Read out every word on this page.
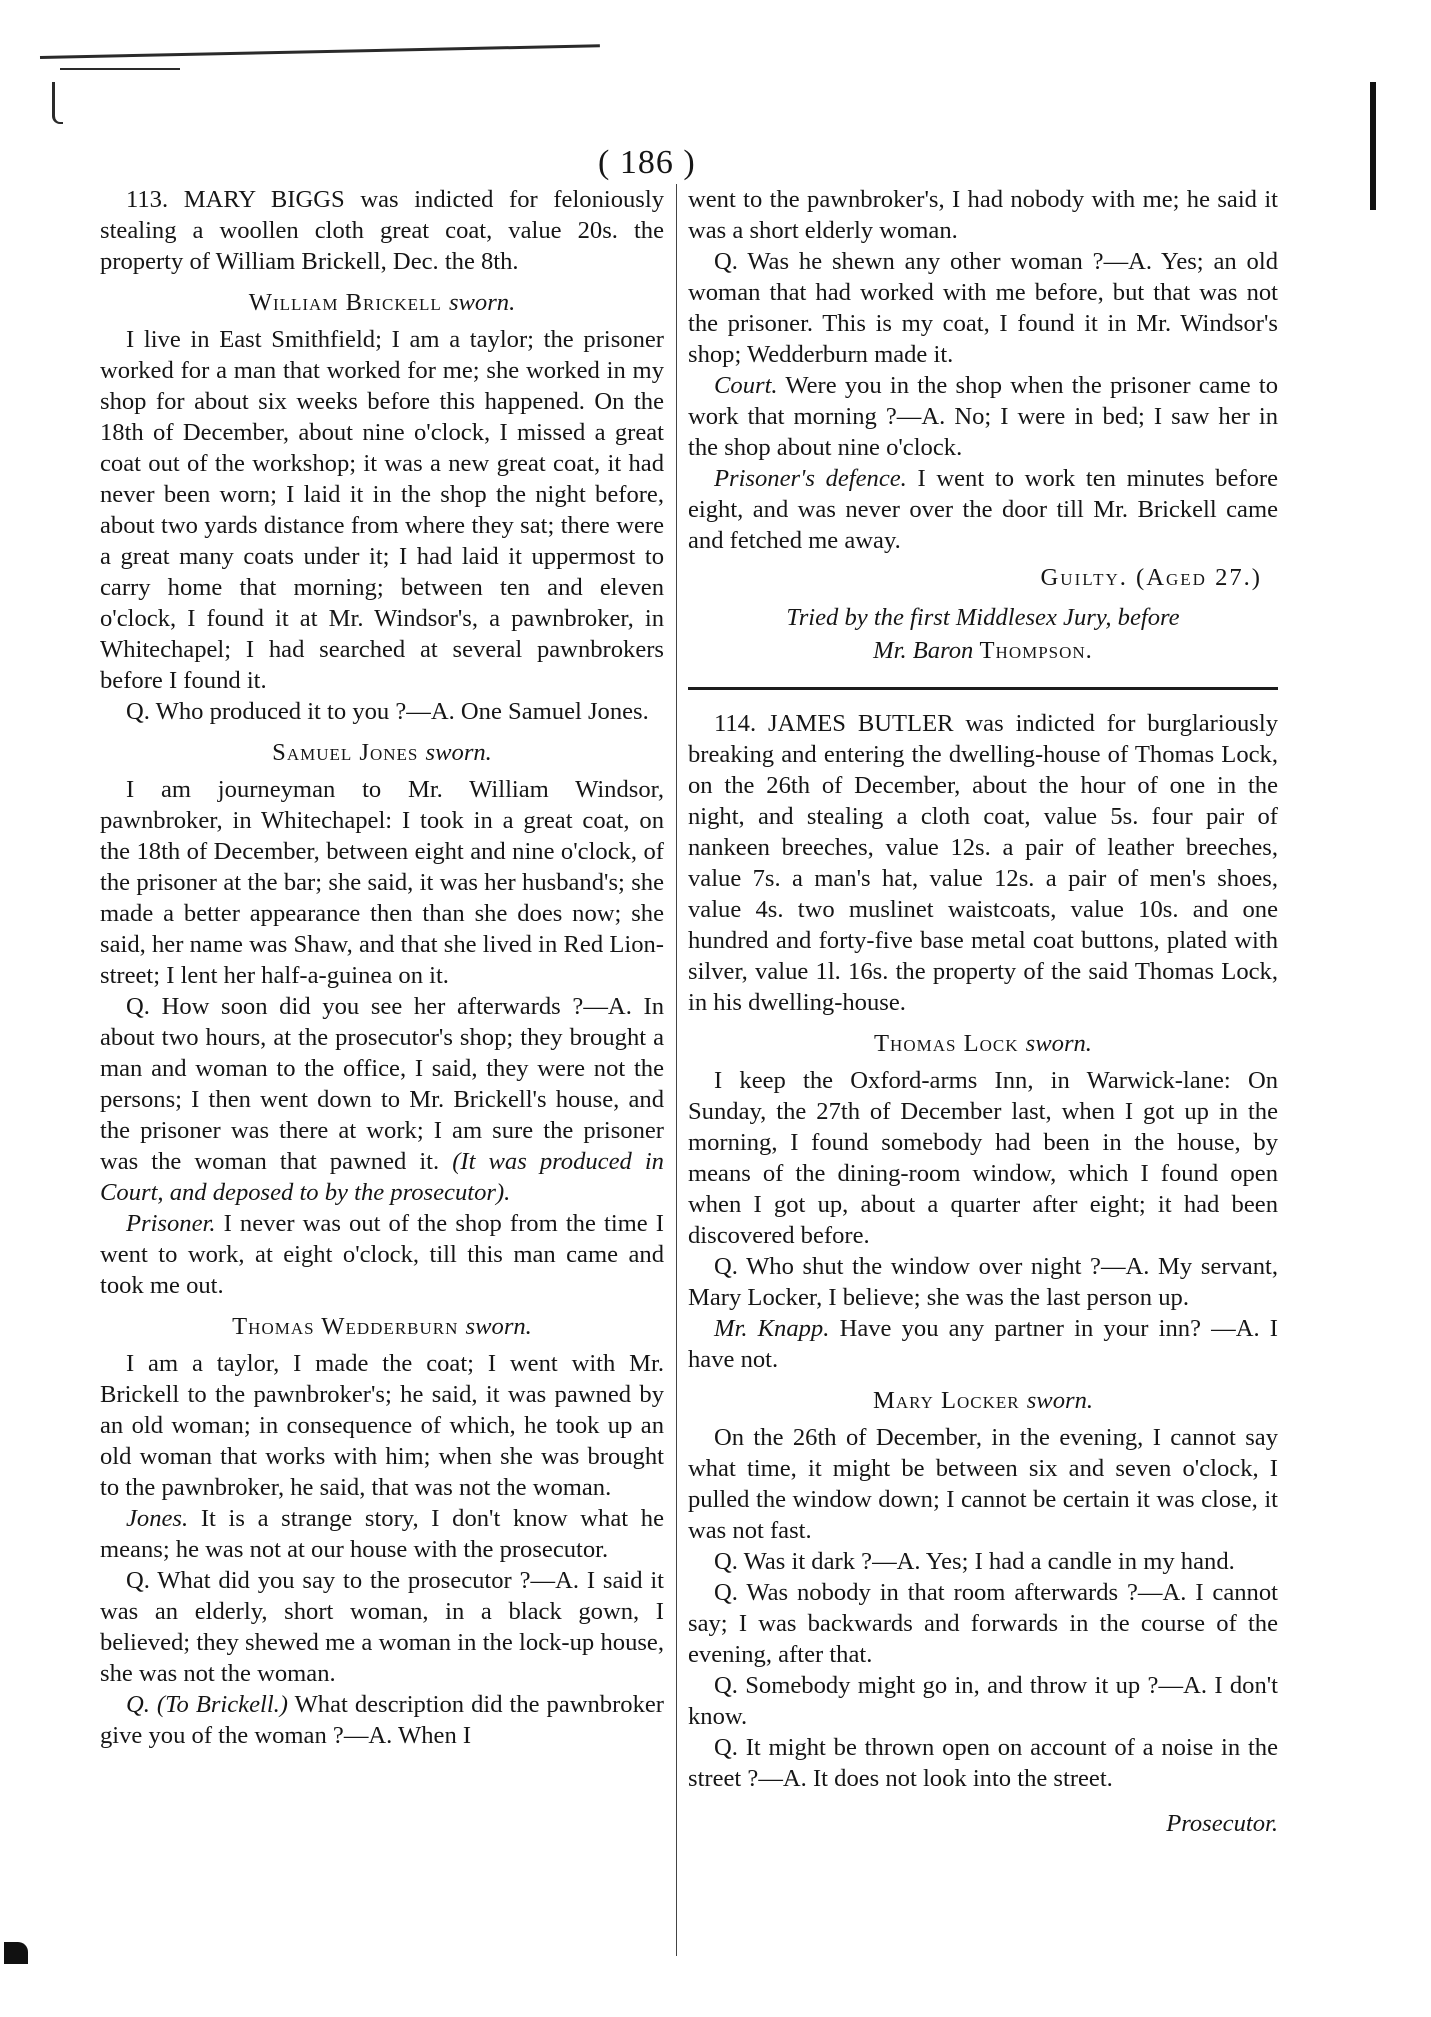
( 186 )

113. MARY BIGGS was indicted for feloniously stealing a woollen cloth great coat, value 20s. the property of William Brickell, Dec. the 8th.

William Brickell sworn.

I live in East Smithfield; I am a taylor; the prisoner worked for a man that worked for me; she worked in my shop for about six weeks before this happened. On the 18th of December, about nine o'clock, I missed a great coat out of the workshop; it was a new great coat, it had never been worn; I laid it in the shop the night before, about two yards distance from where they sat; there were a great many coats under it; I had laid it uppermost to carry home that morning; between ten and eleven o'clock, I found it at Mr. Windsor's, a pawnbroker, in Whitechapel; I had searched at several pawnbrokers before I found it.

Q. Who produced it to you ?—A. One Samuel Jones.

Samuel Jones sworn.

I am journeyman to Mr. William Windsor, pawnbroker, in Whitechapel: I took in a great coat, on the 18th of December, between eight and nine o'clock, of the prisoner at the bar; she said, it was her husband's; she made a better appearance then than she does now; she said, her name was Shaw, and that she lived in Red Lion-street; I lent her half-a-guinea on it.

Q. How soon did you see her afterwards ?—A. In about two hours, at the prosecutor's shop; they brought a man and woman to the office, I said, they were not the persons; I then went down to Mr. Brickell's house, and the prisoner was there at work; I am sure the prisoner was the woman that pawned it. (It was produced in Court, and deposed to by the prosecutor).

Prisoner. I never was out of the shop from the time I went to work, at eight o'clock, till this man came and took me out.

Thomas Wedderburn sworn.

I am a taylor, I made the coat; I went with Mr. Brickell to the pawnbroker's; he said, it was pawned by an old woman; in consequence of which, he took up an old woman that works with him; when she was brought to the pawnbroker, he said, that was not the woman.

Jones. It is a strange story, I don't know what he means; he was not at our house with the prosecutor.

Q. What did you say to the prosecutor ?—A. I said it was an elderly, short woman, in a black gown, I believed; they shewed me a woman in the lock-up house, she was not the woman.

Q. (To Brickell.) What description did the pawnbroker give you of the woman ?—A. When I

went to the pawnbroker's, I had nobody with me; he said it was a short elderly woman.

Q. Was he shewn any other woman ?—A. Yes; an old woman that had worked with me before, but that was not the prisoner. This is my coat, I found it in Mr. Windsor's shop; Wedderburn made it.

Court. Were you in the shop when the prisoner came to work that morning ?—A. No; I were in bed; I saw her in the shop about nine o'clock.

Prisoner's defence. I went to work ten minutes before eight, and was never over the door till Mr. Brickell came and fetched me away.

Guilty. (Aged 27.)

Tried by the first Middlesex Jury, before
Mr. Baron Thompson.

114. JAMES BUTLER was indicted for burglariously breaking and entering the dwelling-house of Thomas Lock, on the 26th of December, about the hour of one in the night, and stealing a cloth coat, value 5s. four pair of nankeen breeches, value 12s. a pair of leather breeches, value 7s. a man's hat, value 12s. a pair of men's shoes, value 4s. two muslinet waistcoats, value 10s. and one hundred and forty-five base metal coat buttons, plated with silver, value 1l. 16s. the property of the said Thomas Lock, in his dwelling-house.

Thomas Lock sworn.

I keep the Oxford-arms Inn, in Warwick-lane: On Sunday, the 27th of December last, when I got up in the morning, I found somebody had been in the house, by means of the dining-room window, which I found open when I got up, about a quarter after eight; it had been discovered before.

Q. Who shut the window over night ?—A. My servant, Mary Locker, I believe; she was the last person up.

Mr. Knapp. Have you any partner in your inn? —A. I have not.

Mary Locker sworn.

On the 26th of December, in the evening, I cannot say what time, it might be between six and seven o'clock, I pulled the window down; I cannot be certain it was close, it was not fast.

Q. Was it dark ?—A. Yes; I had a candle in my hand.

Q. Was nobody in that room afterwards ?—A. I cannot say; I was backwards and forwards in the course of the evening, after that.

Q. Somebody might go in, and throw it up ?—A. I don't know.

Q. It might be thrown open on account of a noise in the street ?—A. It does not look into the street.

Prosecutor.
